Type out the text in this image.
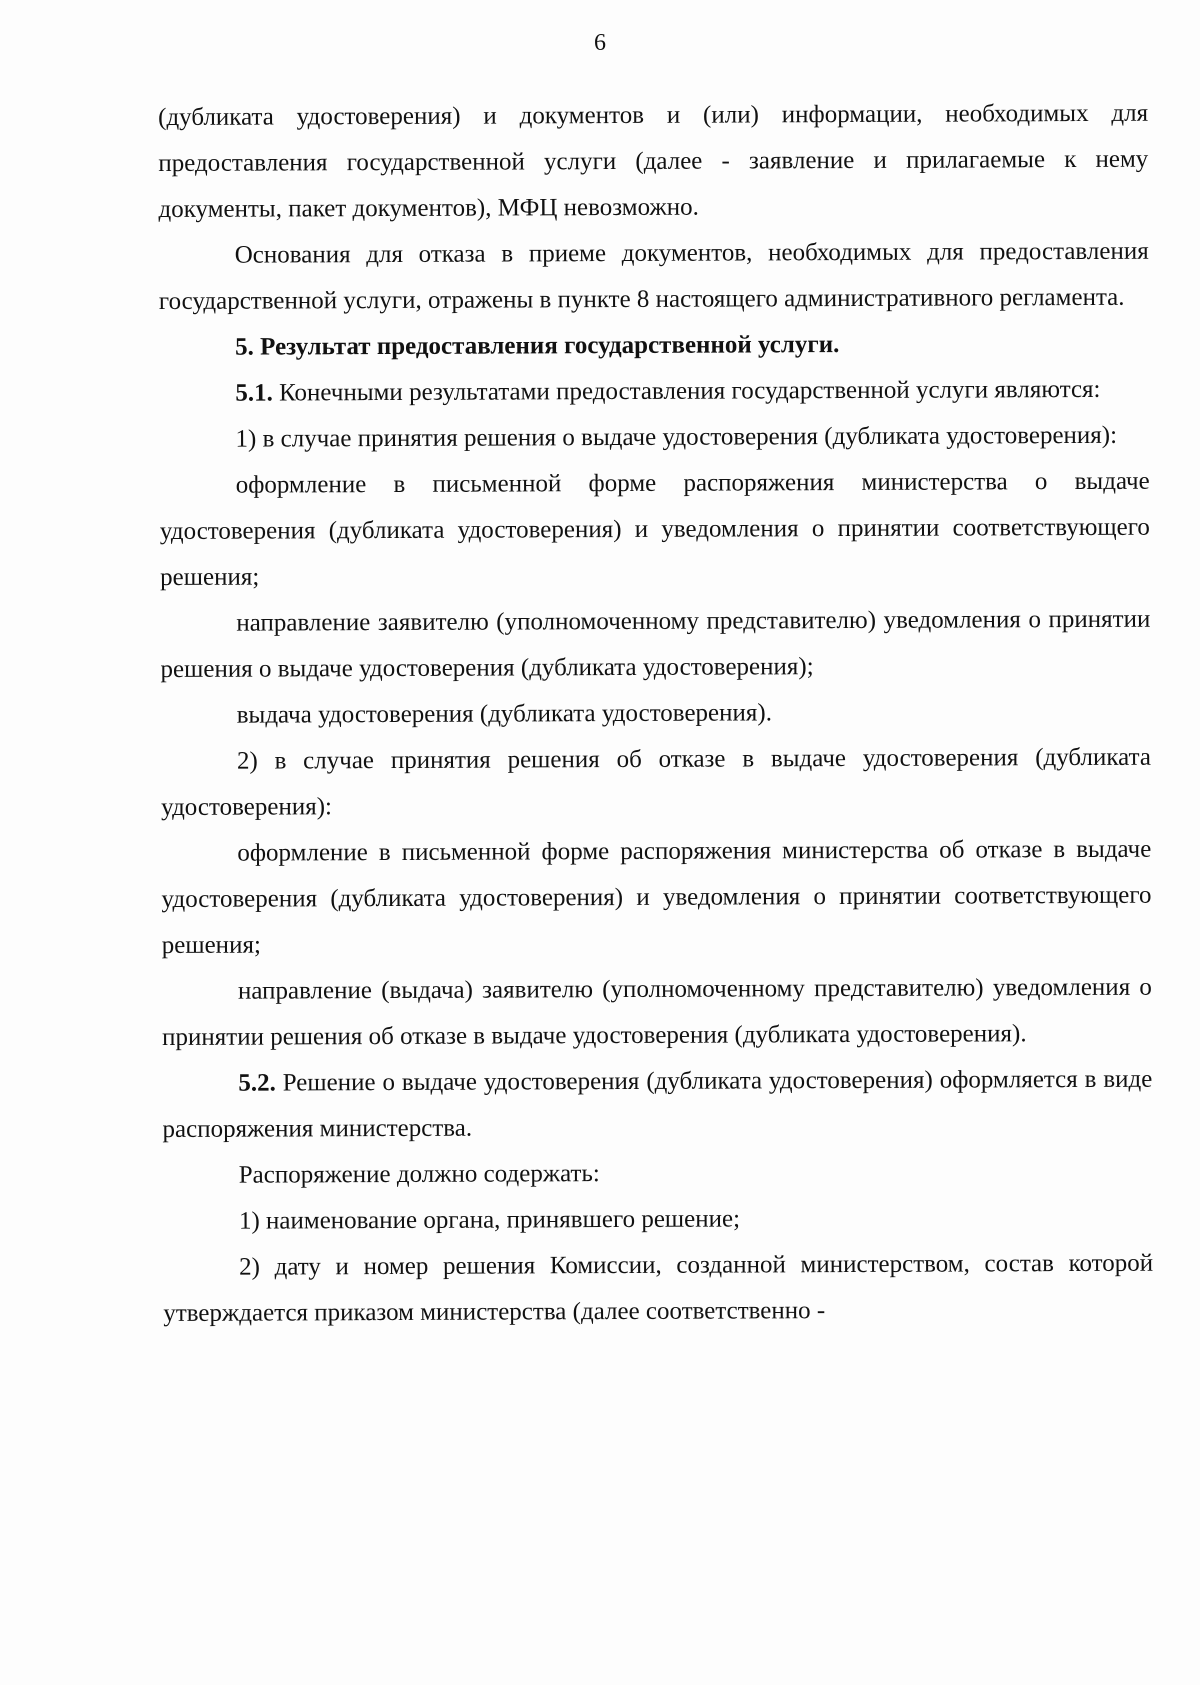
6

(дубликата удостоверения) и документов и (или) информации, необходимых для предоставления государственной услуги (далее - заявление и прилагаемые к нему документы, пакет документов), МФЦ невозможно.

Основания для отказа в приеме документов, необходимых для предоставления государственной услуги, отражены в пункте 8 настоящего административного регламента.

5. Результат предоставления государственной услуги.

5.1. Конечными результатами предоставления государственной услуги являются:

1) в случае принятия решения о выдаче удостоверения (дубликата удостоверения):

оформление в письменной форме распоряжения министерства о выдаче удостоверения (дубликата удостоверения) и уведомления о принятии соответствующего решения;

направление заявителю (уполномоченному представителю) уведомления о принятии решения о выдаче удостоверения (дубликата удостоверения);

выдача удостоверения (дубликата удостоверения).

2) в случае принятия решения об отказе в выдаче удостоверения (дубликата удостоверения):

оформление в письменной форме распоряжения министерства об отказе в выдаче удостоверения (дубликата удостоверения) и уведомления о принятии соответствующего решения;

направление (выдача) заявителю (уполномоченному представителю) уведомления о принятии решения об отказе в выдаче удостоверения (дубликата удостоверения).

5.2. Решение о выдаче удостоверения (дубликата удостоверения) оформляется в виде распоряжения министерства.

Распоряжение должно содержать:

1) наименование органа, принявшего решение;

2) дату и номер решения Комиссии, созданной министерством, состав которой утверждается приказом министерства (далее соответственно -
